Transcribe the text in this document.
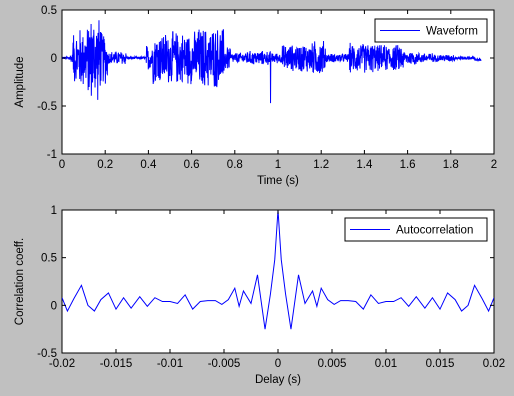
0	0.2 0.4 0.6 0.8	1	1.2 1.4 1.6 1.8	2
0.5
0
-0.5
-1
Time (s)
Amplitude
Waveform
-0.02 -0.015 -0.01 -0.005	0	0.005 0.01 0.015 0.02
1
0.5
0
-0.5
Delay (s)
Correlation coeff.
Autocorrelation
